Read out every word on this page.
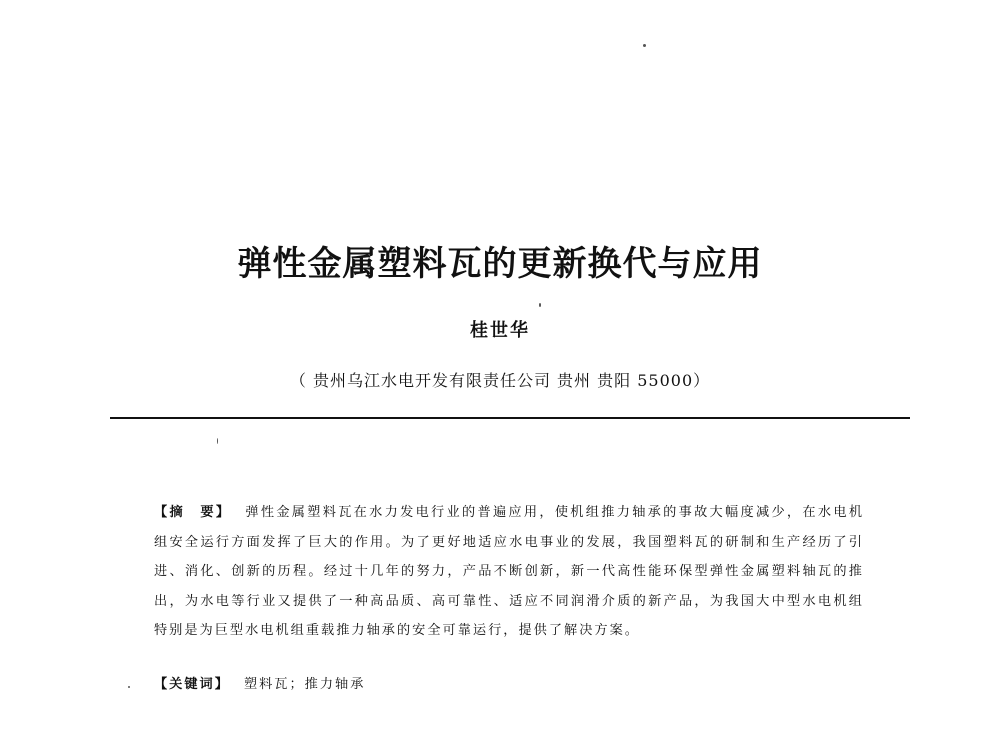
弹性金属塑料瓦的更新换代与应用
桂世华
（ 贵州乌江水电开发有限责任公司 贵州 贵阳 55000）

【摘　要】 弹性金属塑料瓦在水力发电行业的普遍应用，使机组推力轴承的事故大幅度减少，在水电机组安全运行方面发挥了巨大的作用。为了更好地适应水电事业的发展，我国塑料瓦的研制和生产经历了引进、消化、创新的历程。经过十几年的努力，产品不断创新，新一代高性能环保型弹性金属塑料轴瓦的推出，为水电等行业又提供了一种高品质、高可靠性、适应不同润滑介质的新产品，为我国大中型水电机组特别是为巨型水电机组重载推力轴承的安全可靠运行，提供了解决方案。

【关键词】 塑料瓦；推力轴承
